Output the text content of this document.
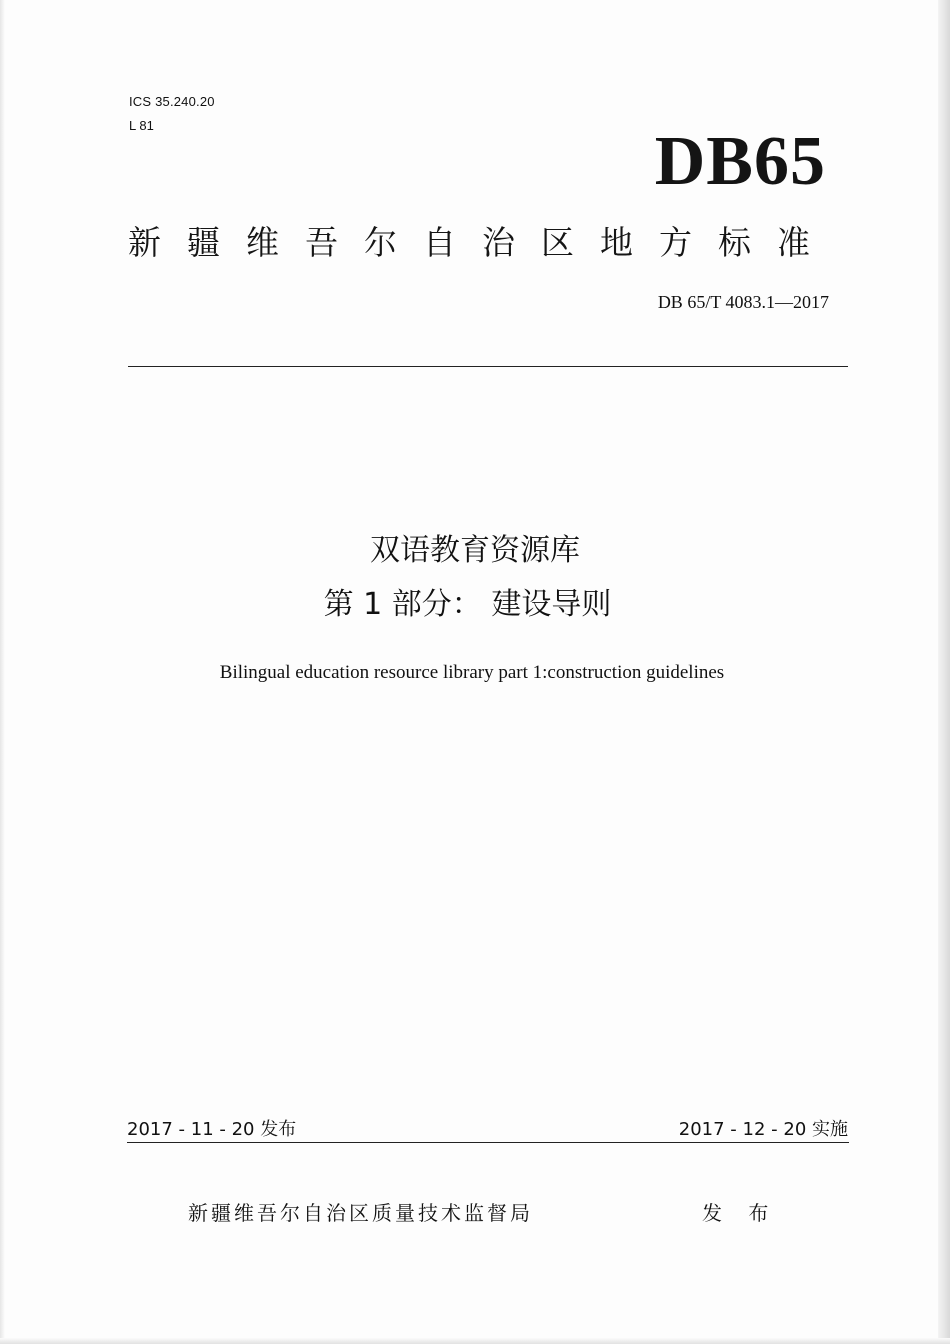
ICS 35.240.20
L 81	DB65
新疆维吾尔自治区地方标准
DB 65/T 4083.1—2017
双语教育资源库
第 1 部分： 建设导则
Bilingual education resource library part 1:construction guidelines
2017 - 11 - 20 发布	2017 - 12 - 20 实施
新疆维吾尔自治区质量技术监督局	发 布
